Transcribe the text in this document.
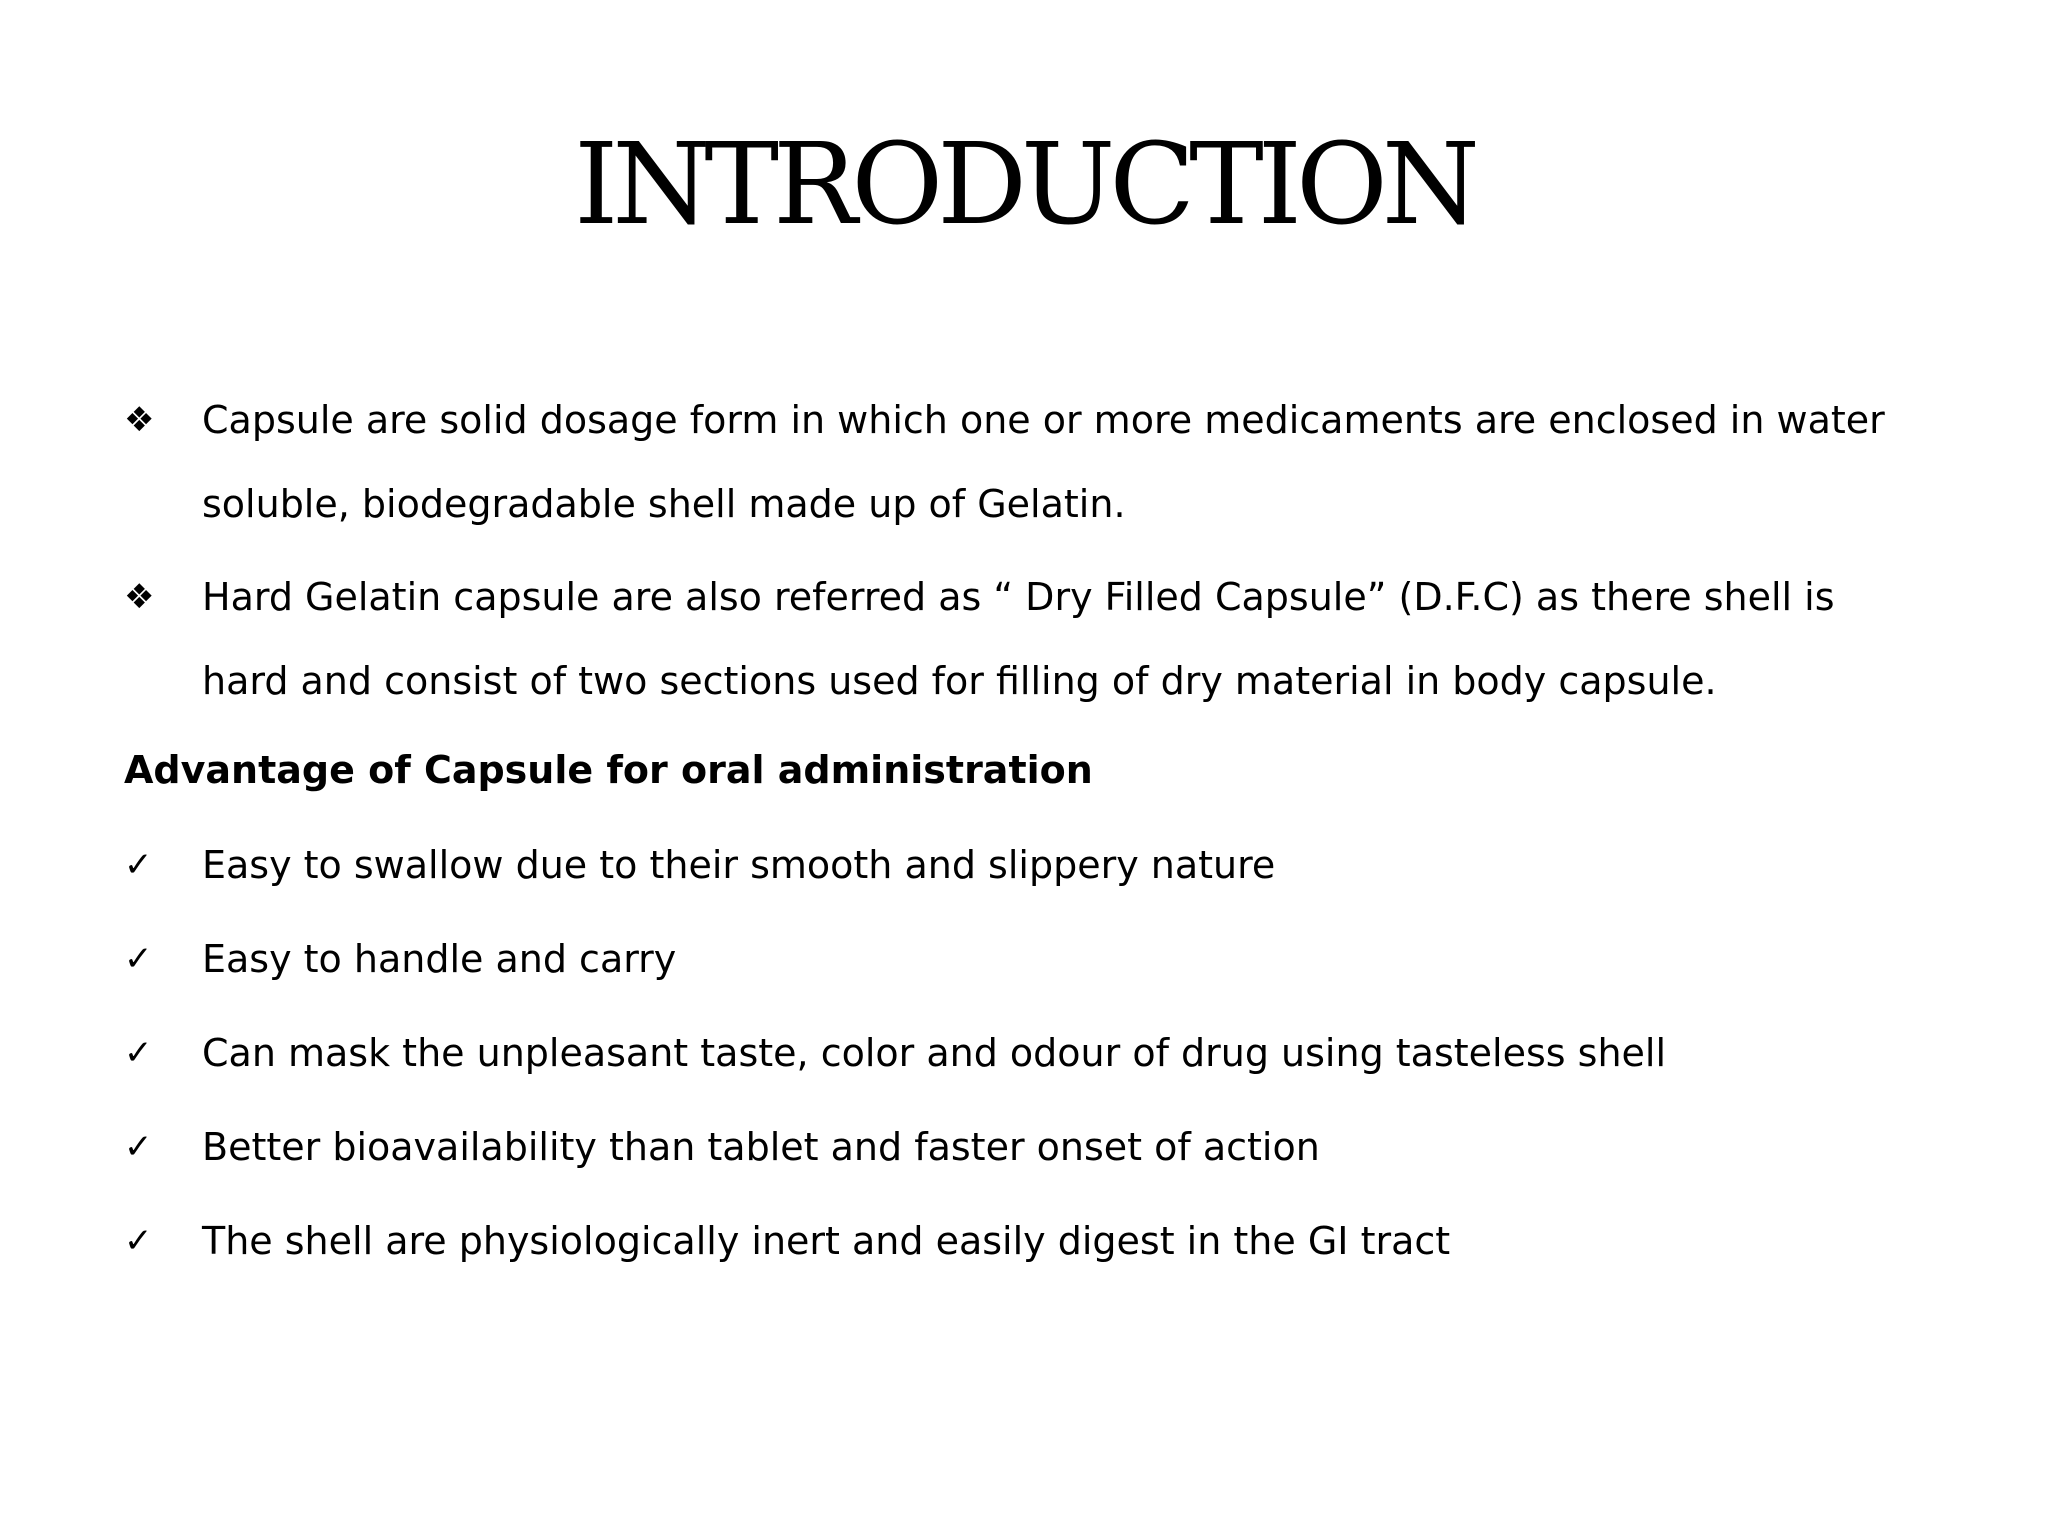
INTRODUCTION
❖	Capsule are solid dosage form in which one or more medicaments are enclosed in water soluble, biodegradable shell made up of Gelatin.
❖	Hard Gelatin capsule are also referred as “ Dry Filled Capsule” (D.F.C) as there shell is hard and consist of two sections used for filling of dry material in body capsule.
Advantage of Capsule for oral administration
✓	Easy to swallow due to their smooth and slippery nature
✓	Easy to handle and carry
✓	Can mask the unpleasant taste, color and odour of drug using tasteless shell
✓	Better bioavailability than tablet and faster onset of action
✓	The shell are physiologically inert and easily digest in the GI tract
